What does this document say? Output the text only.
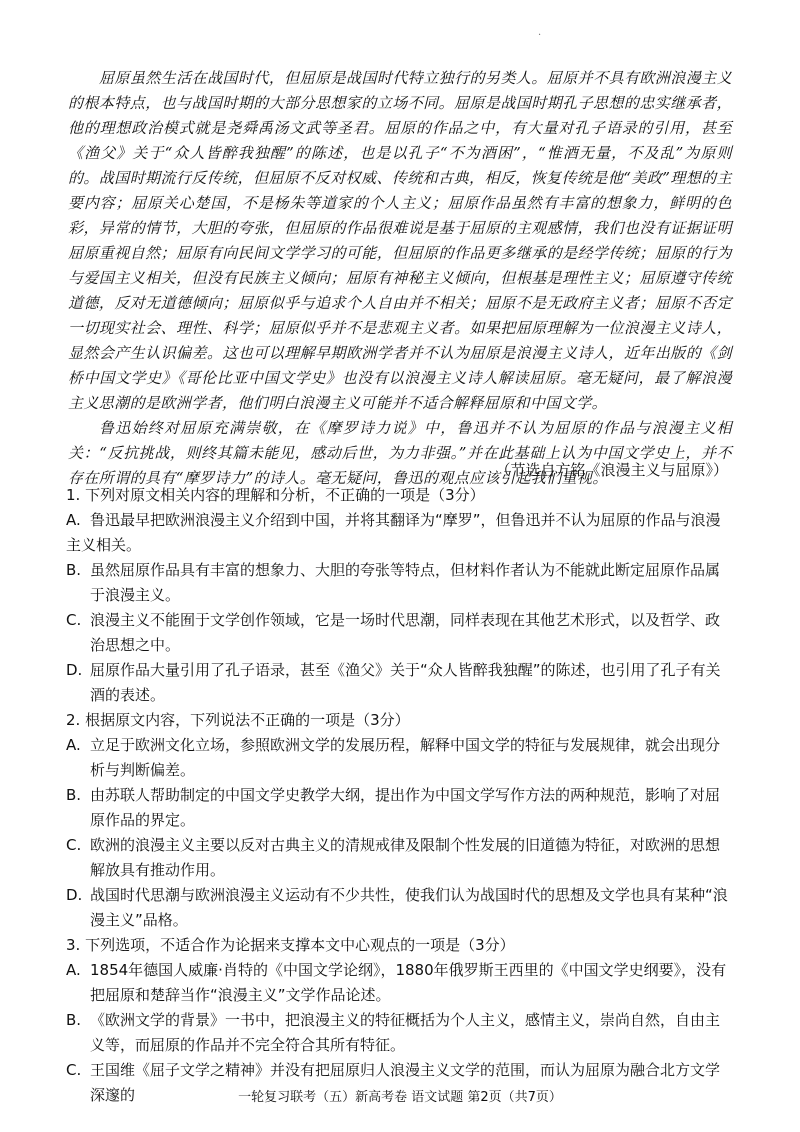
·

屈原虽然生活在战国时代，但屈原是战国时代特立独行的另类人。屈原并不具有欧洲浪漫主义的根本特点，也与战国时期的大部分思想家的立场不同。屈原是战国时期孔子思想的忠实继承者，他的理想政治模式就是尧舜禹汤文武等圣君。屈原的作品之中，有大量对孔子语录的引用，甚至《渔父》关于“众人皆醉我独醒”的陈述，也是以孔子“不为酒困”，“惟酒无量，不及乱”为原则的。战国时期流行反传统，但屈原不反对权威、传统和古典，相反，恢复传统是他“美政”理想的主要内容；屈原关心楚国，不是杨朱等道家的个人主义；屈原作品虽然有丰富的想象力，鲜明的色彩，异常的情节，大胆的夸张，但屈原的作品很难说是基于屈原的主观感情，我们也没有证据证明屈原重视自然；屈原有向民间文学学习的可能，但屈原的作品更多继承的是经学传统；屈原的行为与爱国主义相关，但没有民族主义倾向；屈原有神秘主义倾向，但根基是理性主义；屈原遵守传统道德，反对无道德倾向；屈原似乎与追求个人自由并不相关；屈原不是无政府主义者；屈原不否定一切现实社会、理性、科学；屈原似乎并不是悲观主义者。如果把屈原理解为一位浪漫主义诗人，显然会产生认识偏差。这也可以理解早期欧洲学者并不认为屈原是浪漫主义诗人，近年出版的《剑桥中国文学史》《哥伦比亚中国文学史》也没有以浪漫主义诗人解读屈原。毫无疑问，最了解浪漫主义思潮的是欧洲学者，他们明白浪漫主义可能并不适合解释屈原和中国文学。

鲁迅始终对屈原充满崇敬，在《摩罗诗力说》中，鲁迅并不认为屈原的作品与浪漫主义相关：“反抗挑战，则终其篇未能见，感动后世，为力非强。”并在此基础上认为中国文学史上，并不存在所谓的具有“摩罗诗力”的诗人。毫无疑问，鲁迅的观点应该引起我们重视。

（节选自方铭《浪漫主义与屈原》）

1. 下列对原文相关内容的理解和分析，不正确的一项是（3分）

A. 鲁迅最早把欧洲浪漫主义介绍到中国，并将其翻译为“摩罗”，但鲁迅并不认为屈原的作品与浪漫主义相关。

B. 虽然屈原作品具有丰富的想象力、大胆的夸张等特点，但材料作者认为不能就此断定屈原作品属于浪漫主义。

C. 浪漫主义不能囿于文学创作领域，它是一场时代思潮，同样表现在其他艺术形式，以及哲学、政治思想之中。

D. 屈原作品大量引用了孔子语录，甚至《渔父》关于“众人皆醉我独醒”的陈述，也引用了孔子有关酒的表述。

2. 根据原文内容，下列说法不正确的一项是（3分）

A. 立足于欧洲文化立场，参照欧洲文学的发展历程，解释中国文学的特征与发展规律，就会出现分析与判断偏差。

B. 由苏联人帮助制定的中国文学史教学大纲，提出作为中国文学写作方法的两种规范，影响了对屈原作品的界定。

C. 欧洲的浪漫主义主要以反对古典主义的清规戒律及限制个性发展的旧道德为特征，对欧洲的思想解放具有推动作用。

D. 战国时代思潮与欧洲浪漫主义运动有不少共性，使我们认为战国时代的思想及文学也具有某种“浪漫主义”品格。

3. 下列选项，不适合作为论据来支撑本文中心观点的一项是（3分）

A. 1854年德国人威廉·肖特的《中国文学论纲》，1880年俄罗斯王西里的《中国文学史纲要》，没有把屈原和楚辞当作“浪漫主义”文学作品论述。

B. 《欧洲文学的背景》一书中，把浪漫主义的特征概括为个人主义，感情主义，崇尚自然，自由主义等，而屈原的作品并不完全符合其所有特征。

C. 王国维《屈子文学之精神》并没有把屈原归人浪漫主义文学的范围，而认为屈原为融合北方文学深邃的	一轮复习联考（五）新高考卷 语文试题 第2页（共7页）
